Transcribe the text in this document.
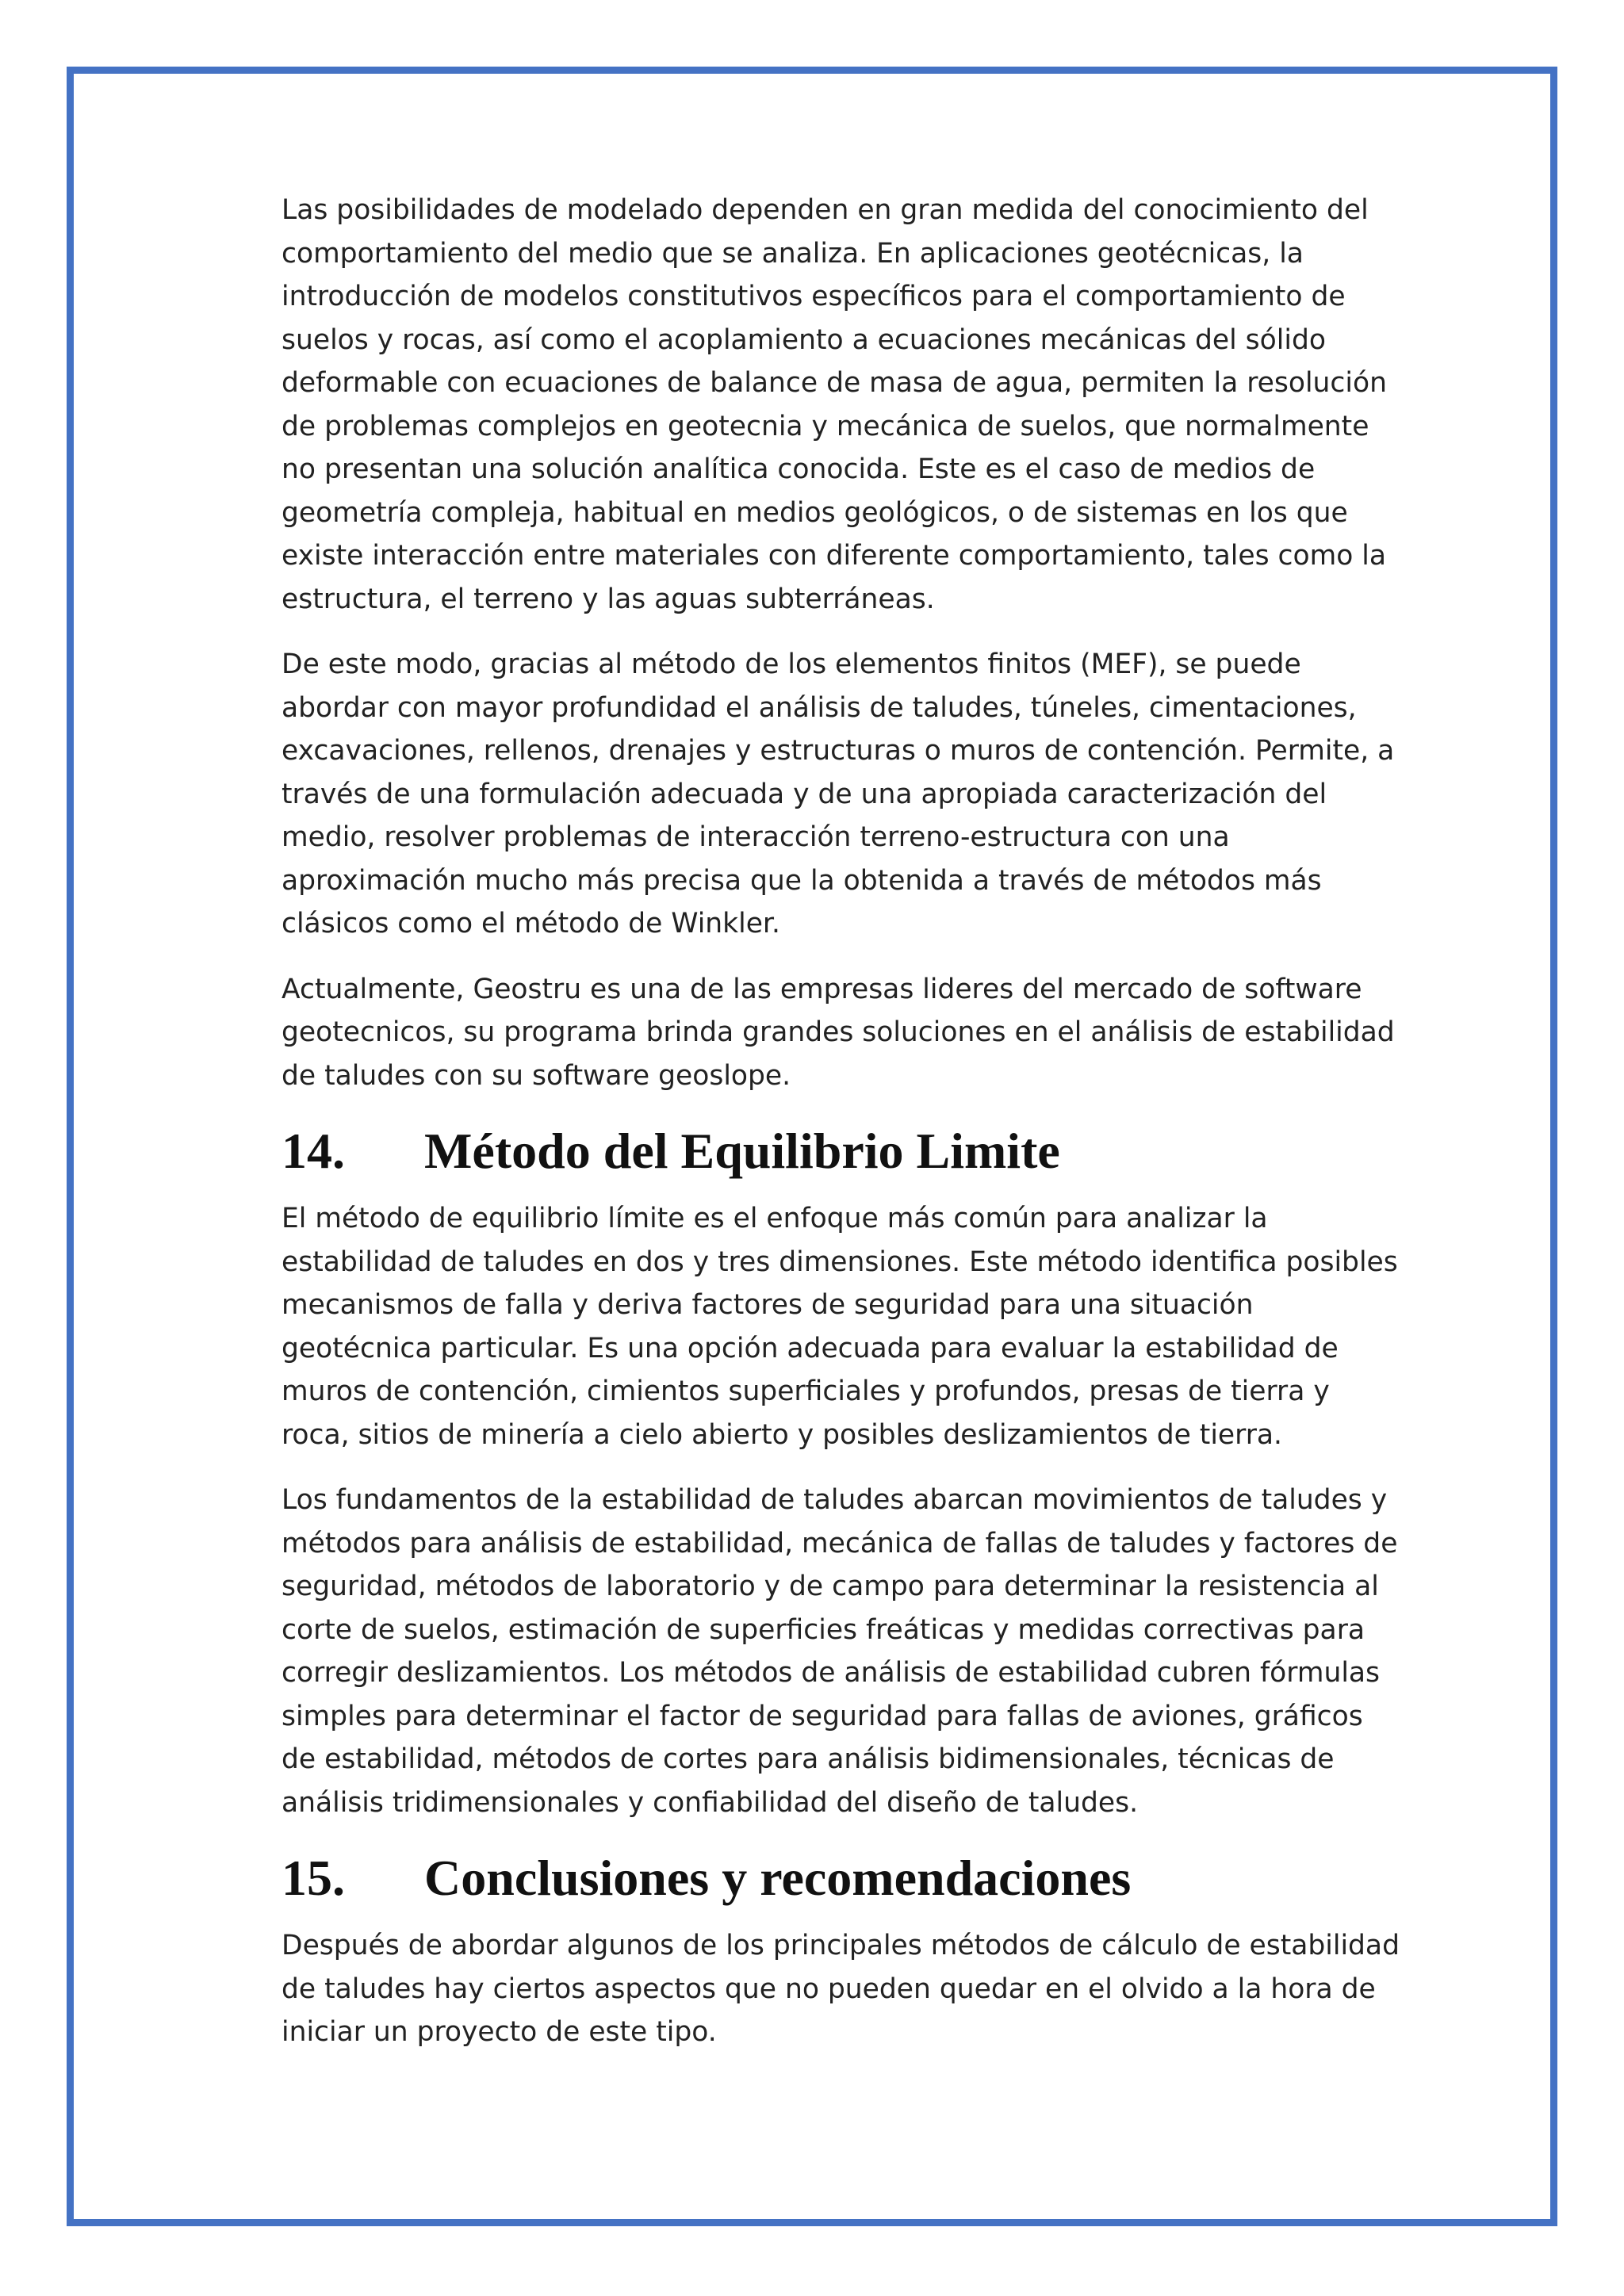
Las posibilidades de modelado dependen en gran medida del conocimiento del comportamiento del medio que se analiza. En aplicaciones geotécnicas, la introducción de modelos constitutivos específicos para el comportamiento de suelos y rocas, así como el acoplamiento a ecuaciones mecánicas del sólido deformable con ecuaciones de balance de masa de agua, permiten la resolución de problemas complejos en geotecnia y mecánica de suelos, que normalmente no presentan una solución analítica conocida. Este es el caso de medios de geometría compleja, habitual en medios geológicos, o de sistemas en los que existe interacción entre materiales con diferente comportamiento, tales como la estructura, el terreno y las aguas subterráneas.

De este modo, gracias al método de los elementos finitos (MEF), se puede abordar con mayor profundidad el análisis de taludes, túneles, cimentaciones, excavaciones, rellenos, drenajes y estructuras o muros de contención. Permite, a través de una formulación adecuada y de una apropiada caracterización del medio, resolver problemas de interacción terreno-estructura con una aproximación mucho más precisa que la obtenida a través de métodos más clásicos como el método de Winkler.

Actualmente, Geostru es una de las empresas lideres del mercado de software geotecnicos, su programa brinda grandes soluciones en el análisis de estabilidad de taludes con su software geoslope.

14.	Método del Equilibrio Limite

El método de equilibrio límite es el enfoque más común para analizar la estabilidad de taludes en dos y tres dimensiones. Este método identifica posibles mecanismos de falla y deriva factores de seguridad para una situación geotécnica particular. Es una opción adecuada para evaluar la estabilidad de muros de contención, cimientos superficiales y profundos, presas de tierra y roca, sitios de minería a cielo abierto y posibles deslizamientos de tierra.

Los fundamentos de la estabilidad de taludes abarcan movimientos de taludes y métodos para análisis de estabilidad, mecánica de fallas de taludes y factores de seguridad, métodos de laboratorio y de campo para determinar la resistencia al corte de suelos, estimación de superficies freáticas y medidas correctivas para corregir deslizamientos. Los métodos de análisis de estabilidad cubren fórmulas simples para determinar el factor de seguridad para fallas de aviones, gráficos de estabilidad, métodos de cortes para análisis bidimensionales, técnicas de análisis tridimensionales y confiabilidad del diseño de taludes.

15.	Conclusiones y recomendaciones

Después de abordar algunos de los principales métodos de cálculo de estabilidad de taludes hay ciertos aspectos que no pueden quedar en el olvido a la hora de iniciar un proyecto de este tipo.
